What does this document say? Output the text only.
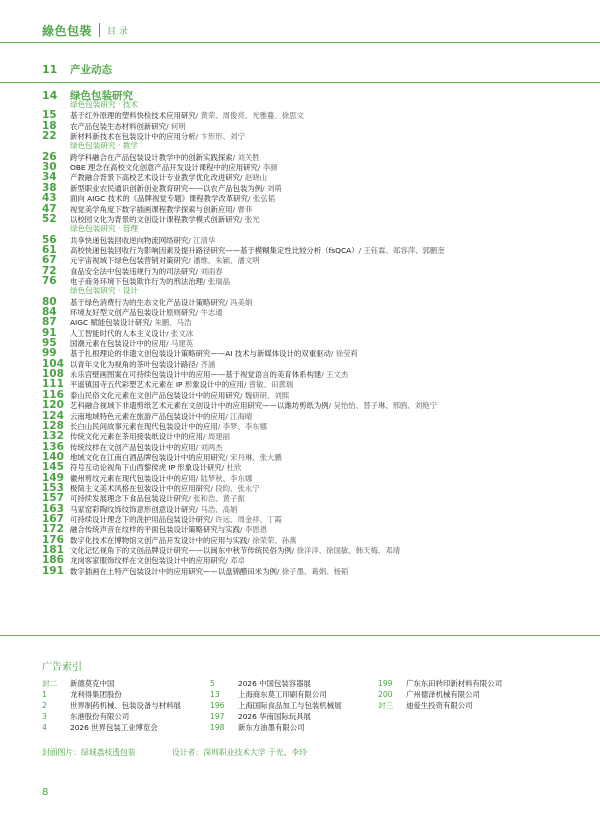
綠色包裝 目 录
11	产业动态
14	绿色包装研究
绿色包装研究 · 技术
15	基于红外原理的塑料快检技术应用研究 / 黄荣、周俊亮、光雅蔓、徐思文
18	农产品包装生态材料创新研究 / 何明
22	新材料新技术在包装设计中的应用分析 / 卞形形、刘宁
绿色包装研究 · 教学
26	跨学科融合在产品包装设计教学中的创新实践探索 / 刘关胜
30	OBE 理念在高校文化创意产品开发设计课程中的应用研究 / 李颜
34	产教融合背景下高校艺术设计专业教学优化改进研究 / 赵晓山
38	新型职业农民通识创新创业教育研究——以农产品包装为例 / 刘萌
43	面向 AIGC 技术的《品牌视觉专题》课程教学改革研究 / 张弘韬
47	视觉美学角度下数字插画课程教学探索与创新应用 / 曹菲
52	以校园文化为背景的文创设计课程教学模式创新研究 / 张光
绿色包装研究 · 管理
56	共享快递包装回收逆向物流网络研究 / 江清华
61	高校快递包装回收行为影响因素及提升路径研究——基于模糊集定性比较分析（fsQCA） / 王钰霖、郑容萍、郭鹏奎
67	元宇宙视域下绿色包装营销对策研究 / 潘维、朱颖、潘文明
72	食品安全法中包装违规行为的司法研究 / 刘雨春
76	电子商务环境下包装欺诈行为的刑法治理 / 张瑞晶
绿色包装研究 · 设计
80	基于绿色消费行为的生态文化产品设计策略研究 / 冯美娟
84	环境友好型文创产品包装设计原则研究 / 牛志通
87	AIGC 赋能包装设计研究 / 朱鹏、马浩
91	人工智能时代的人本主义设计 / 张文冰
95	国潮元素在包装设计中的应用 / 马建英
99	基于扎根理论的非遗文创包装设计策略研究——AI 技术与新媒体设计的双重驱动 / 徐莹莉
104 以青年文化为视角的茶叶包装设计路径 / 齐涵
108 永乐宫壁画图案在可持续包装设计中的应用——基于视觉语言的美育体系构建 / 王文杰
111 平遥镇国寺五代彩塑艺术元素在 IP 形象设计中的应用 / 曾敏、田黄瑞
116 泰山民俗文化元素在文创产品包装设计中的应用研究 / 魏研研、刘熙
120 艺科融合视域下非遗剪纸艺术元素在文创设计中的应用研究——以潍坊剪纸为例 / 吴怡怡、替子琳、邢鸥、刘艳宁
124 云南地域特色元素在旅游产品包装设计中的应用 / 江海晴
128 长白山民间故事元素在现代包装设计中的应用 / 李梦、李东娜
132 传统文化元素在茶用接装纸设计中的应用 / 周建丽
136 传统纹样在文创产品包装设计中的应用 / 刘两杰
140 地域文化在江南白酒品牌包装设计中的应用研究 / 宋丹琳、张大鹏
145 符号互动论视角下山西黎侯虎 IP 形象设计研究 / 杜欣
149 徽州剪纹元素在现代包装设计中的应用 / 陆梦秋、李东娜
153 极简主义美术风格在包装设计中的应用研究 / 段昀、张永宁
157 可持续发展理念下食品包装设计研究 / 张和浩、黄子振
163 马家窑彩陶纹饰纹饰意形创意设计研究 / 马浩、高娟
167 可持续设计理念下的洗护用品包装设计研究 / 许远、周金祥、丁霞
172 融合传统声音在纹样的平面包装设计策略研究与实践 / 李恩恩
176 数字化技术在博物馆文创产品开发设计中的应用与实践 / 徐荣荣、孙燕
181 文化记忆视角下的文创品牌设计研究——以闽东中秋节传统民俗为例 / 徐洋洋、徐国敏、韩天梅、邓靖
186 龙岗客家服饰纹样在文创包装设计中的应用研究 / 邓卓
191 数字插画在土特产包装设计中的应用研究——以盘锦醋田米为例 / 徐子墨、葛娟、杨韬
广告索引
封二	新德莫克中国
1	龙利得集团股份
2	世界制药机械、包装设备与材料展
3	东港股份有限公司
4	2026 世界包装工业博览会
5	2026 中国包装容器展
13	上海商东莫工印刷有限公司
196	上海国际食品加工与包装机械展
197	2026 华南国际玩具展
198	新东方油墨有限公司
199	广东东田转印新材料有限公司
200	广州德泽机械有限公司
封三	迪爱生投资有限公司
封面图片：绿城荔枝透包装	设计者：深圳职业技术大学 于光、李玲
8
